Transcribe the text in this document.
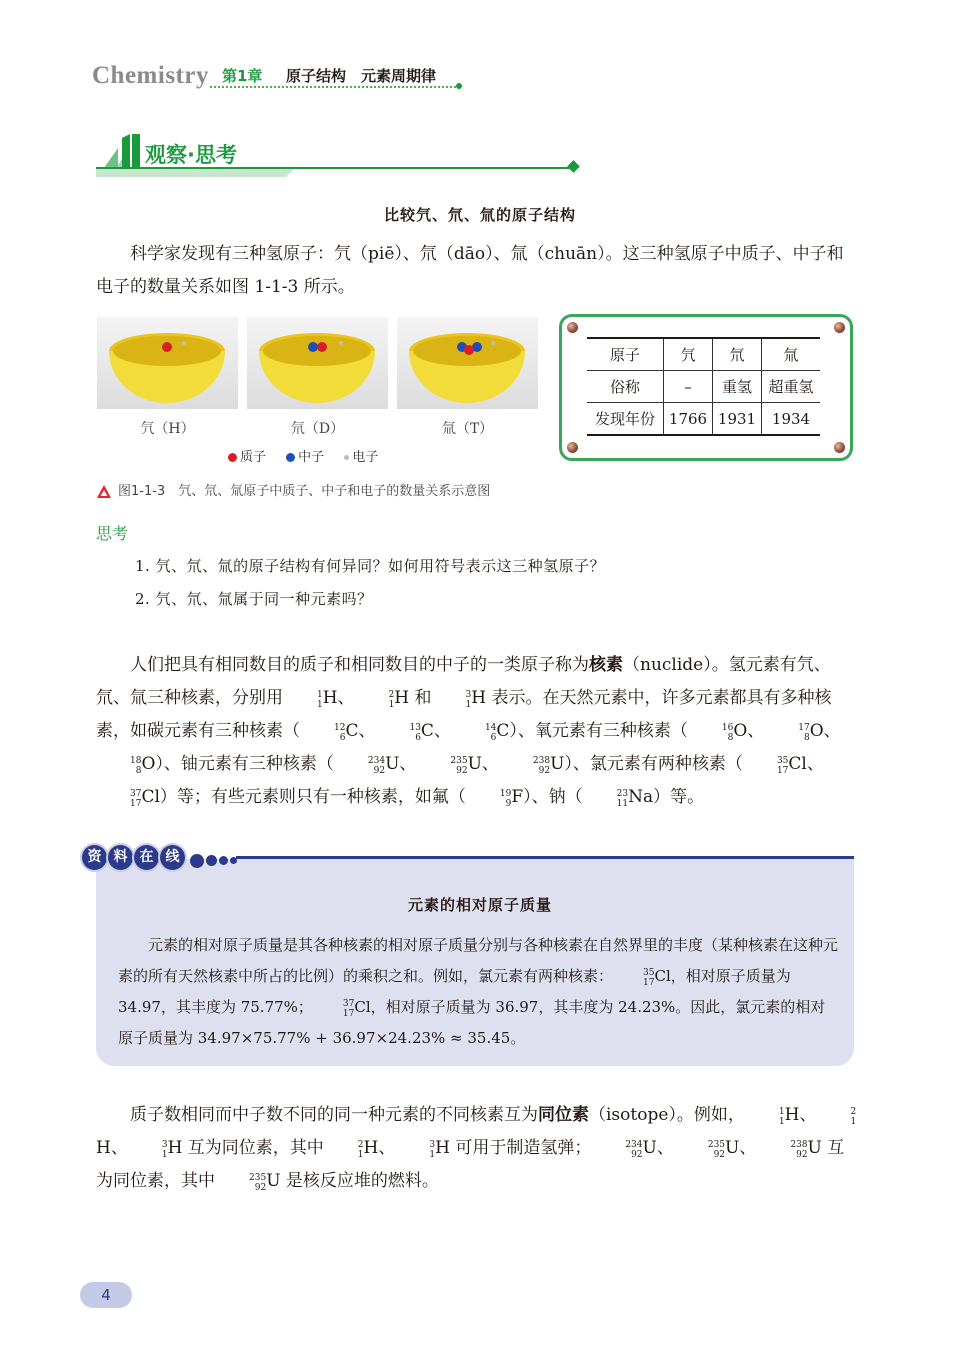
Chemistry 第1章 原子结构　元素周期律
观察·思考
比较氕、氘、氚的原子结构
科学家发现有三种氢原子：氕（piē）、氘（dāo）、氚（chuān）。这三种氢原子中质子、中子和电子的数量关系如图 1-1-3 所示。
氕（H）	氘（D）	氚（T）
质子 中子 电子
图1-1-3　氕、氘、氚原子中质子、中子和电子的数量关系示意图
原子	氕	氘	氚
俗称	–	重氢	超重氢
发现年份	1766	1931	1934
思考
1. 氕、氘、氚的原子结构有何异同？如何用符号表示这三种氢原子？
2. 氕、氘、氚属于同一种元素吗？
人们把具有相同数目的质子和相同数目的中子的一类原子称为核素（nuclide）。氢元素有氕、氘、氚三种核素，分别用	1
1 H、	2
1 H 和	3
1 H 表示。在天然元素中，许多元素都具有多种核素，如碳元素有三种核素（	12
6 C、	13
6 C、	14
6 C）、氧元素有三种核素（	16
8 O、	17
8 O、
18
8 O）、铀元素有三种核素（	234
92 U、	235
92 U、	238
92 U）、氯元素有两种核素（	35
17 Cl、
37
17 Cl）等；有些元素则只有一种核素，如氟（	19
9 F）、钠（	23
11 Na）等。
资 料 在 线
元素的相对原子质量
元素的相对原子质量是其各种核素的相对原子质量分别与各种核素在自然界里的丰度（某种核素在这种元素的所有天然核素中所占的比例）的乘积之和。例如，氯元素有两种核素：	35
17 Cl，相对原子质量为 34.97，其丰度为 75.77%；	37
17 Cl，相对原子质量为 36.97，其丰度为 24.23%。因此，氯元素的相对原子质量为 34.97×75.77% + 36.97×24.23% ≈ 35.45。
质子数相同而中子数不同的同一种元素的不同核素互为同位素（isotope）。例如，	1
1 H、	2
1
H、	3
1 H 互为同位素，其中	2
1 H、	3
1 H 可用于制造氢弹；	234
92 U、	235
92 U、	238
92 U 互为同位素，其中	235
92 U 是核反应堆的燃料。
4
